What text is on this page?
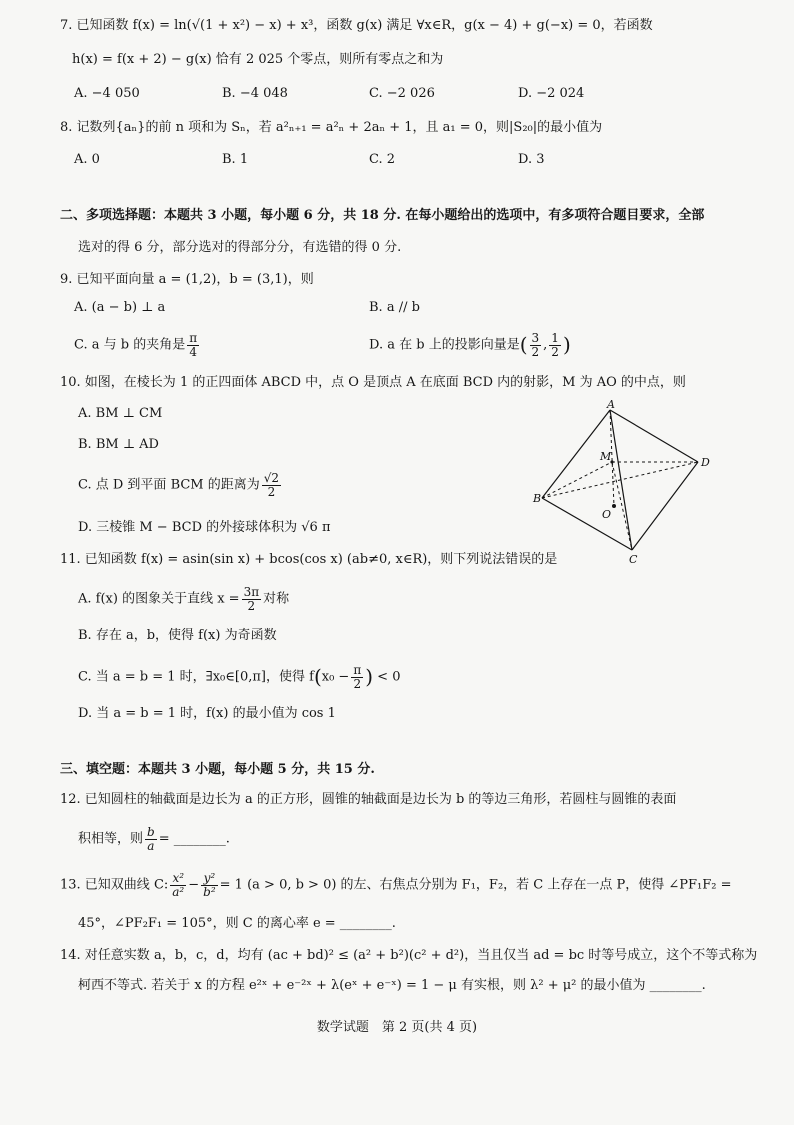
7. 已知函数 f(x) = ln(√(1 + x²) − x) + x³，函数 g(x) 满足 ∀x∈R，g(x − 4) + g(−x) = 0，若函数
h(x) = f(x + 2) − g(x) 恰有 2 025 个零点，则所有零点之和为
A. −4 050	B. −4 048	C. −2 026	D. −2 024
8. 记数列{aₙ}的前 n 项和为 Sₙ，若 a²ₙ₊₁ = a²ₙ + 2aₙ + 1，且 a₁ = 0，则|S₂₀|的最小值为
A. 0	B. 1	C. 2	D. 3
二、多项选择题：本题共 3 小题，每小题 6 分，共 18 分. 在每小题给出的选项中，有多项符合题目要求，全部
选对的得 6 分，部分选对的得部分分，有选错的得 0 分.
9. 已知平面向量 a = (1,2)，b = (3,1)，则
A. (a − b) ⊥ a	B. a // b
C. a 与 b 的夹角是 $\frac{\pi}{4}$	D. a 在 b 上的投影向量是( $\frac{3}{2}$ , $\frac{1}{2}$ )
10. 如图，在棱长为 1 的正四面体 ABCD 中，点 O 是顶点 A 在底面 BCD 内的射影，M 为 AO 的中点，则
A. BM ⊥ CM
B. BM ⊥ AD
C. 点 D 到平面 BCM 的距离为 $\frac{√2}{2}$
D. 三棱锥 M − BCD 的外接球体积为 √6 π
A
B
C
D
M
O
11. 已知函数 f(x) = asin(sin x) + bcos(cos x) (ab≠0, x∈R)，则下列说法错误的是
A. f(x) 的图象关于直线 $x = \frac{3\pi}{2}$ 对称
B. 存在 a，b，使得 f(x) 为奇函数
C. 当 a = b = 1 时，∃x₀∈[0,π]，使得 $f(x_0 - \frac{\pi}{2}$ ) < 0
D. 当 a = b = 1 时，f(x) 的最小值为 cos 1
三、填空题：本题共 3 小题，每小题 5 分，共 15 分.
12. 已知圆柱的轴截面是边长为 a 的正方形，圆锥的轴截面是边长为 b 的等边三角形，若圆柱与圆锥的表面
积相等，则 $\frac{b}{a}$ = ________.
13. 已知双曲线 C: $\frac{\text{x²}}{\text{a²}} - \frac{\text{y²}}{\text{b²}} = 1$ (a > 0, b > 0) 的左、右焦点分别为 F₁，F₂，若 C 上存在一点 P，使得 ∠PF₁F₂ =
45°，∠PF₂F₁ = 105°，则 C 的离心率 e = ________.
14. 对任意实数 a，b，c，d，均有 (ac + bd)² ≤ (a² + b²)(c² + d²)，当且仅当 ad = bc 时等号成立，这个不等式称为
柯西不等式. 若关于 x 的方程 e²ˣ + e⁻²ˣ + λ(eˣ + e⁻ˣ) = 1 − μ 有实根，则 λ² + μ² 的最小值为 ________.
数学试题　第 2 页(共 4 页)
